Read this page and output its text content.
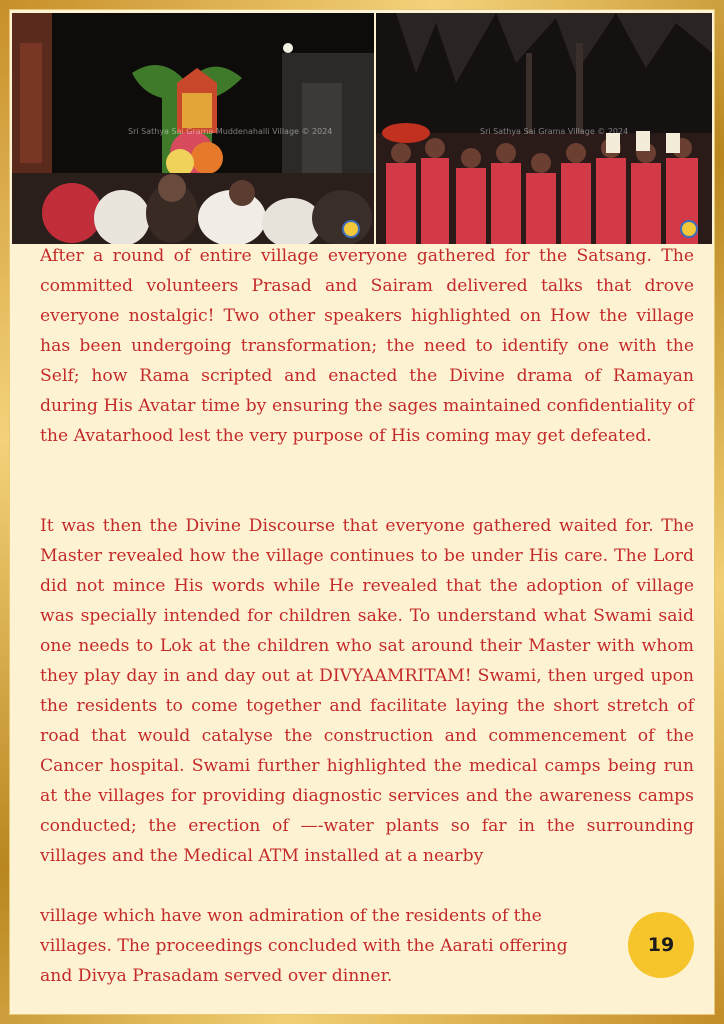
Sri Sathya Sai Grama Muddenahalli Village © 2024	Sri Sathya Sai Grama Village © 2024

After a round of entire village everyone gathered for the Satsang. The committed volunteers Prasad and Sairam delivered talks that drove everyone nostalgic! Two other speakers highlighted on How the village has been undergoing transformation; the need to identify one with the Self; how Rama scripted and enacted the Divine drama of Ramayan during His Avatar time by ensuring the sages maintained confidentiality of the Avatarhood lest the very purpose of His coming may get defeated.

It was then the Divine Discourse that everyone gathered waited for. The Master revealed how the village continues to be under His care. The Lord did not mince His words while He revealed that the adoption of village was specially intended for children sake. To understand what Swami said one needs to Lok at the children who sat around their Master with whom they play day in and day out at DIVYAAMRITAM! Swami, then urged upon the residents to come together and facilitate laying the short stretch of road that would catalyse the construction and commencement of the Cancer hospital. Swami further highlighted the medical camps being run at the villages for providing diagnostic services and the awareness camps conducted; the erection of —-water plants so far in the surrounding villages and the Medical ATM installed at a nearby

village which have won admiration of the residents of the

villages. The proceedings concluded with the Aarati offering

and Divya Prasadam served over dinner.

19
